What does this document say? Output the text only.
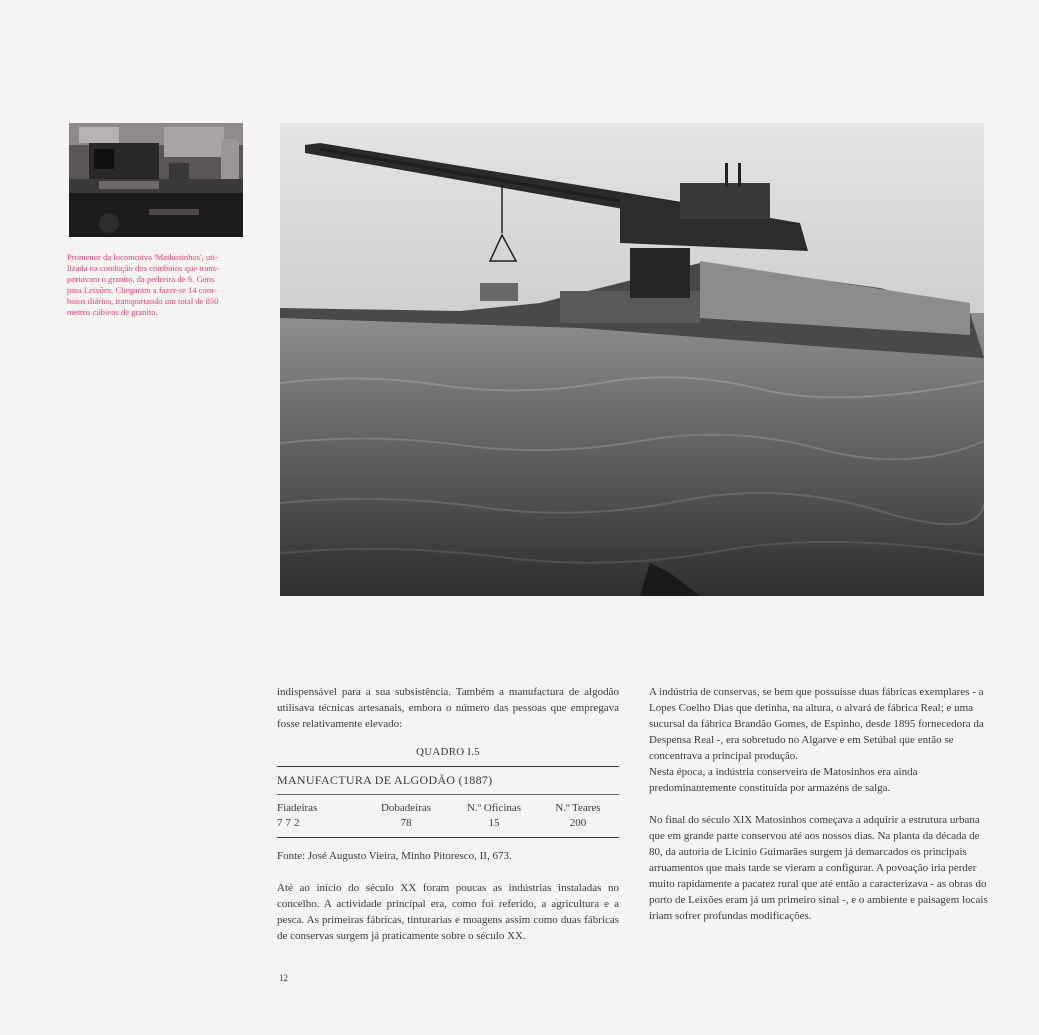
Promenor da locomotiva 'Mathosinhos', uti-
lizada na condução dos comboios que trans-
portavam o granito, da pedreira de S. Gens
para Leixões. Chegaram a fazer-se 14 com-
boios diários, transportando um total de 850
metros cúbicos de granito.

indispensável para a sua subsistência. Também a manufactura de algodão utilisava técnicas artesanais, embora o número das pessoas que empregava fosse relativamente elevado:

QUADRO I.5
MANUFACTURA DE ALGODÃO (1887)
Fiadeiras	Dobadeiras	N.º Oficinas	N.º Teares
772	78	15	200
Fonte: José Augusto Vieira, Minho Pitoresco, II, 673.

Até ao início do século XX foram poucas as indústrias instaladas no concelho. A actividade principal era, como foi referido, a agricultura e a pesca. As primeiras fábricas, tinturarias e moagens assim como duas fábricas de conservas surgem já praticamente sobre o século XX.

A indústria de conservas, se bem que possuísse duas fábricas exemplares - a Lopes Coelho Dias que detinha, na altura, o alvará de fábrica Real; e uma sucursal da fábrica Brandão Gomes, de Espinho, desde 1895 fornecedora da Despensa Real -, era sobretudo no Algarve e em Setúbal que então se concentrava a principal produção.

Nesta época, a indústria conserveira de Matosinhos era ainda predominantemente constituída por armazéns de salga.

No final do século XIX Matosinhos começava a adquirir a estrutura urbana que em grande parte conservou até aos nossos dias. Na planta da década de 80, da autoria de Licínio Guimarães surgem já demarcados os principais arruamentos que mais tarde se vieram a configurar. A povoação iria perder muito rapidamente a pacatez rural que até então a caracterizava - as obras do porto de Leixões eram já um primeiro sinal -, e o ambiente e paisagem locais iriam sofrer profundas modificações.

12
